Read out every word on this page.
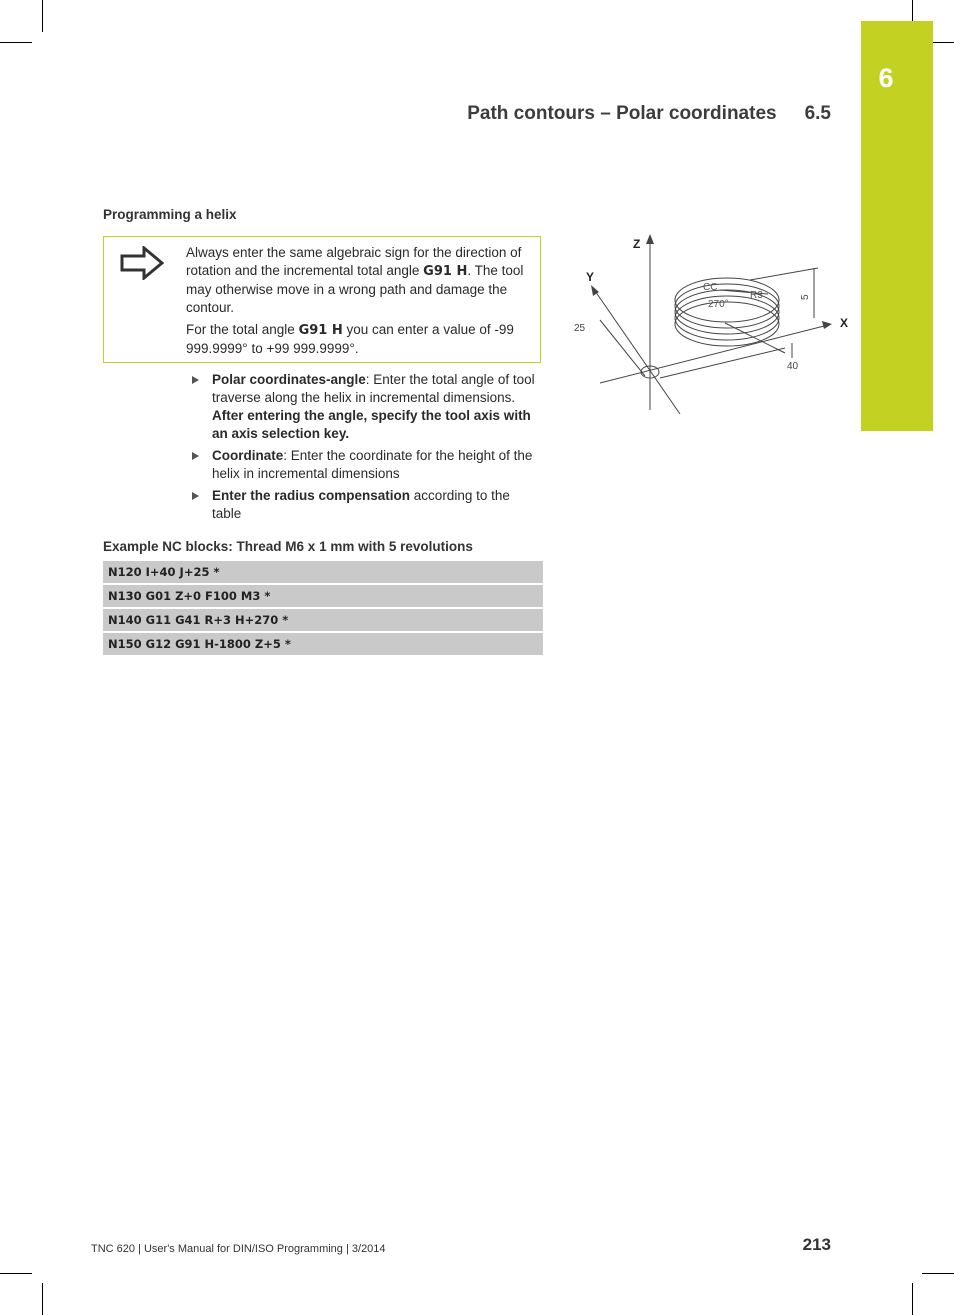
6
Path contours – Polar coordinates 6.5
Programming a helix

Always enter the same algebraic sign for the direction of rotation and the incremental total angle G91 H. The tool may otherwise move in a wrong path and damage the contour.

For the total angle G91 H you can enter a value of -99 999.9999° to +99 999.9999°.

Polar coordinates-angle: Enter the total angle of tool traverse along the helix in incremental dimensions. After entering the angle, specify the tool axis with an axis selection key.
Coordinate: Enter the coordinate for the height of the helix in incremental dimensions
Enter the radius compensation according to the table
Example NC blocks: Thread M6 x 1 mm with 5 revolutions
N120 I+40 J+25 *
N130 G01 Z+0 F100 M3 *
N140 G11 G41 R+3 H+270 *
N150 G12 G91 H-1800 Z+5 *
Z
Y
X
CC
R3
270°
5
25
40
TNC 620 | User's Manual for DIN/ISO Programming | 3/2014	213
